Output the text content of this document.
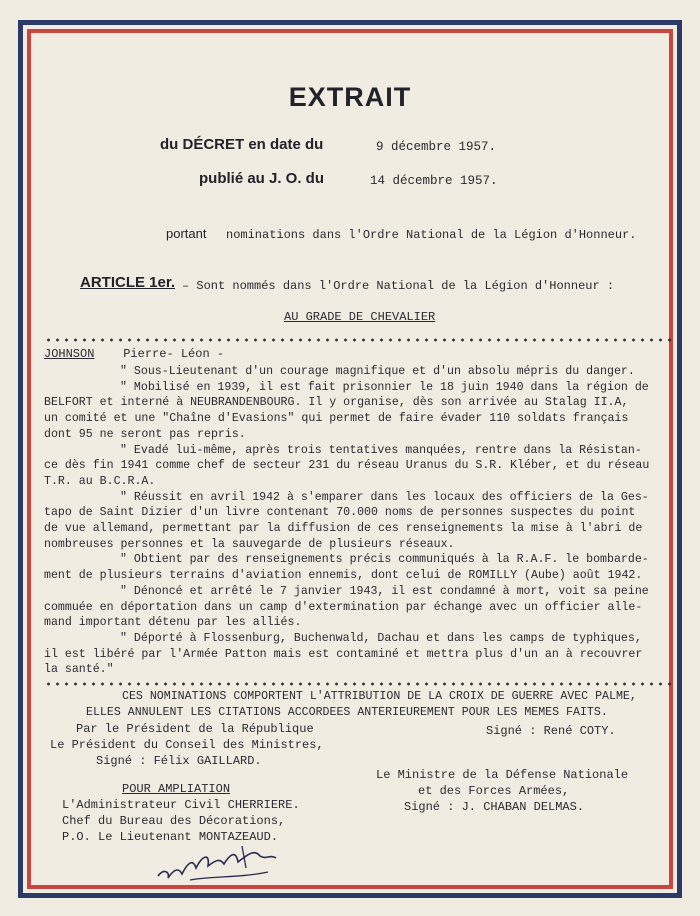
EXTRAIT
du DÉCRET en date du	9 décembre 1957.
publié au J. O. du	14 décembre 1957.
portant nominations dans l'Ordre National de la Légion d'Honneur.
ARTICLE 1er. – Sont nommés dans l'Ordre National de la Légion d'Honneur :
AU GRADE DE CHEVALIER
JOHNSON Pierre- Léon -

" Sous-Lieutenant d'un courage magnifique et d'un absolu mépris du danger.

" Mobilisé en 1939, il est fait prisonnier le 18 juin 1940 dans la région de

BELFORT et interné à NEUBRANDENBOURG. Il y organise, dès son arrivée au Stalag II.A,

un comité et une "Chaîne d'Evasions" qui permet de faire évader 110 soldats français

dont 95 ne seront pas repris.

" Evadé lui-même, après trois tentatives manquées, rentre dans la Résistan-

ce dès fin 1941 comme chef de secteur 231 du réseau Uranus du S.R. Kléber, et du réseau

T.R. au B.C.R.A.

" Réussit en avril 1942 à s'emparer dans les locaux des officiers de la Ges-

tapo de Saint Dizier d'un livre contenant 70.000 noms de personnes suspectes du point

de vue allemand, permettant par la diffusion de ces renseignements la mise à l'abri de

nombreuses personnes et la sauvegarde de plusieurs réseaux.

" Obtient par des renseignements précis communiqués à la R.A.F. le bombarde-

ment de plusieurs terrains d'aviation ennemis, dont celui de ROMILLY (Aube) août 1942.

" Dénoncé et arrêté le 7 janvier 1943, il est condamné à mort, voit sa peine

commuée en déportation dans un camp d'extermination par échange avec un officier alle-

mand important détenu par les alliés.

" Déporté à Flossenburg, Buchenwald, Dachau et dans les camps de typhiques,

il est libéré par l'Armée Patton mais est contaminé et mettra plus d'un an à recouvrer

la santé."

CES NOMINATIONS COMPORTENT L'ATTRIBUTION DE LA CROIX DE GUERRE AVEC PALME,
ELLES ANNULENT LES CITATIONS ACCORDEES ANTERIEUREMENT POUR LES MEMES FAITS.
Par le Président de la République
Le Président du Conseil des Ministres,
Signé : Félix GAILLARD.
Signé : René COTY.
Le Ministre de la Défense Nationale
et des Forces Armées,
Signé : J. CHABAN DELMAS.
POUR AMPLIATION
L'Administrateur Civil CHERRIERE.
Chef du Bureau des Décorations,
P.O. Le Lieutenant MONTAZEAUD.
